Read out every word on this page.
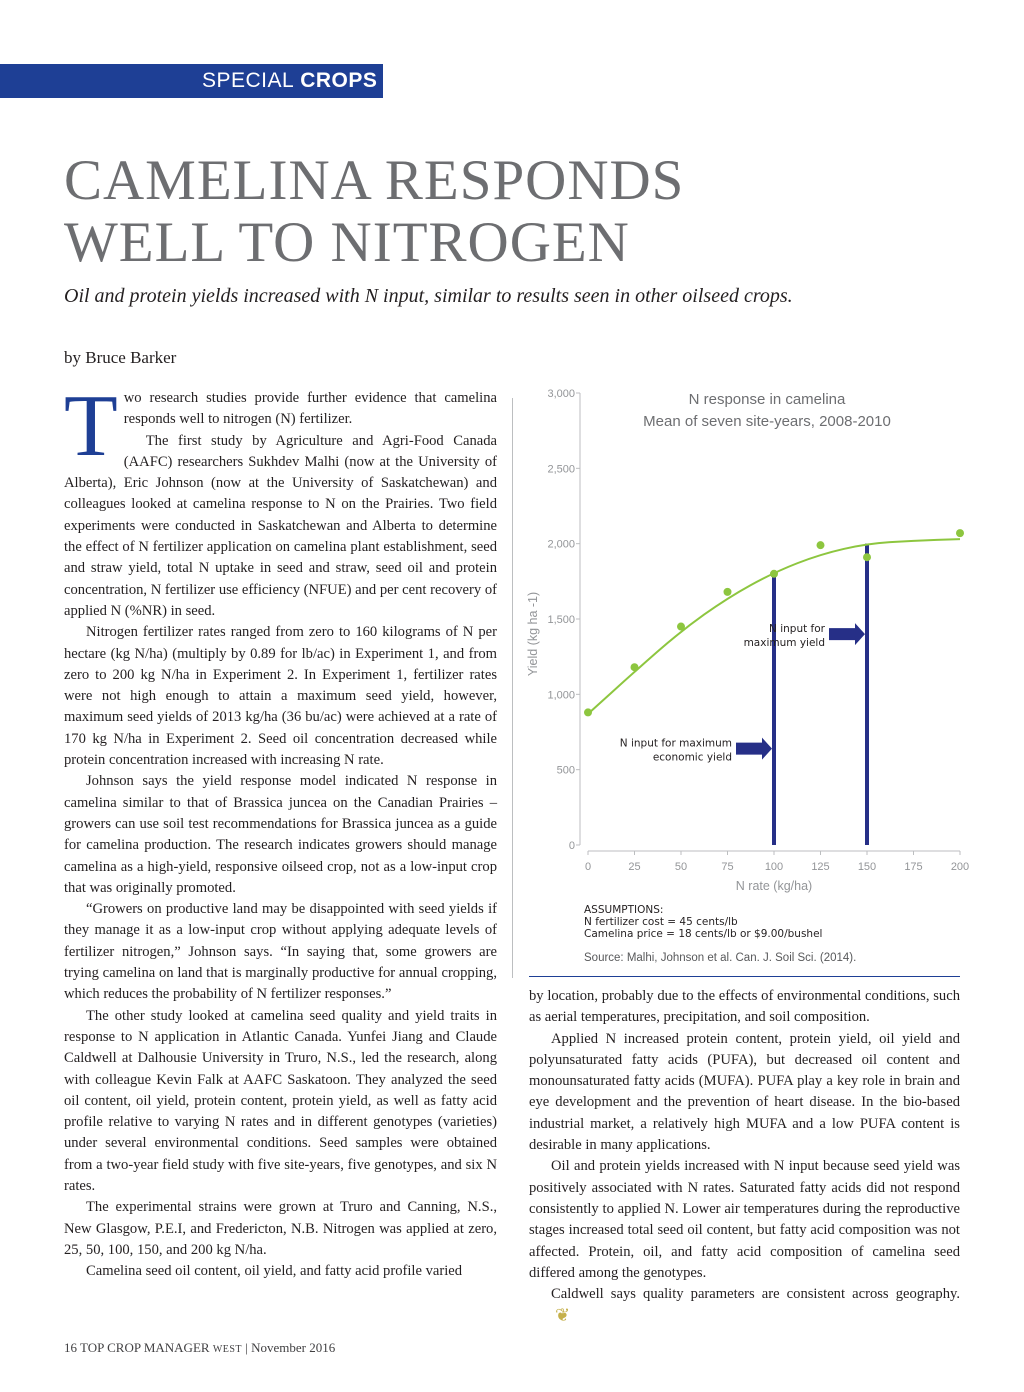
SPECIAL CROPS
CAMELINA RESPONDS
WELL TO NITROGEN

Oil and protein yields increased with N input, similar to results seen in other oilseed crops.

by Bruce Barker

Two research studies provide further evidence that camelina responds well to nitrogen (N) fertilizer.

The first study by Agriculture and Agri-Food Canada (AAFC) researchers Sukhdev Malhi (now at the University of Alberta), Eric Johnson (now at the University of Saskatchewan) and colleagues looked at camelina response to N on the Prairies. Two field experiments were conducted in Saskatchewan and Alberta to determine the effect of N fertilizer application on camelina plant establishment, seed and straw yield, total N uptake in seed and straw, seed oil and protein concentration, N fertilizer use efficiency (NFUE) and per cent recovery of applied N (%NR) in seed.

Nitrogen fertilizer rates ranged from zero to 160 kilograms of N per hectare (kg N/ha) (multiply by 0.89 for lb/ac) in Experiment 1, and from zero to 200 kg N/ha in Experiment 2. In Experiment 1, fertilizer rates were not high enough to attain a maximum seed yield, however, maximum seed yields of 2013 kg/ha (36 bu/ac) were achieved at a rate of 170 kg N/ha in Experiment 2. Seed oil concentration decreased while protein concentration increased with increasing N rate.

Johnson says the yield response model indicated N response in camelina similar to that of Brassica juncea on the Canadian Prairies – growers can use soil test recommendations for Brassica juncea as a guide for camelina production. The research indicates growers should manage camelina as a high-yield, responsive oilseed crop, not as a low-input crop that was originally promoted.

“Growers on productive land may be disappointed with seed yields if they manage it as a low-input crop without applying adequate levels of fertilizer nitrogen,” Johnson says. “In saying that, some growers are trying camelina on land that is marginally productive for annual cropping, which reduces the probability of N fertilizer responses.”

The other study looked at camelina seed quality and yield traits in response to N application in Atlantic Canada. Yunfei Jiang and Claude Caldwell at Dalhousie University in Truro, N.S., led the research, along with colleague Kevin Falk at AAFC Saskatoon. They analyzed the seed oil content, oil yield, protein content, protein yield, as well as fatty acid profile relative to varying N rates and in different genotypes (varieties) under several environmental conditions. Seed samples were obtained from a two-year field study with five site-years, five genotypes, and six N rates.

The experimental strains were grown at Truro and Canning, N.S., New Glasgow, P.E.I, and Fredericton, N.B. Nitrogen was applied at zero, 25, 50, 100, 150, and 200 kg N/ha.

Camelina seed oil content, oil yield, and fatty acid profile varied

0
500
1,000
1,500
2,000
2,500
3,000
0	25	50	75	100	125	150	175	200
N rate (kg/ha)
Yield (kg ha -1)
N response in camelina
Mean of seven site-years, 2008-2010
N input for maximum
economic yield
N input for
maximum yield
ASSUMPTIONS:
N fertilizer cost = 45 cents/lb
Camelina price = 18 cents/lb or $9.00/bushel
Source: Malhi, Johnson et al. Can. J. Soil Sci. (2014).

by location, probably due to the effects of environmental conditions, such as aerial temperatures, precipitation, and soil composition.

Applied N increased protein content, protein yield, oil yield and polyunsaturated fatty acids (PUFA), but decreased oil content and monounsaturated fatty acids (MUFA). PUFA play a key role in brain and eye development and the prevention of heart disease. In the bio-based industrial market, a relatively high MUFA and a low PUFA content is desirable in many applications.

Oil and protein yields increased with N input because seed yield was positively associated with N rates. Saturated fatty acids did not respond consistently to applied N. Lower air temperatures during the reproductive stages increased total seed oil content, but fatty acid composition was not affected. Protein, oil, and fatty acid composition of camelina seed differed among the genotypes.

Caldwell says quality parameters are consistent across geography.❦

16 TOP CROP MANAGER WEST | November 2016
